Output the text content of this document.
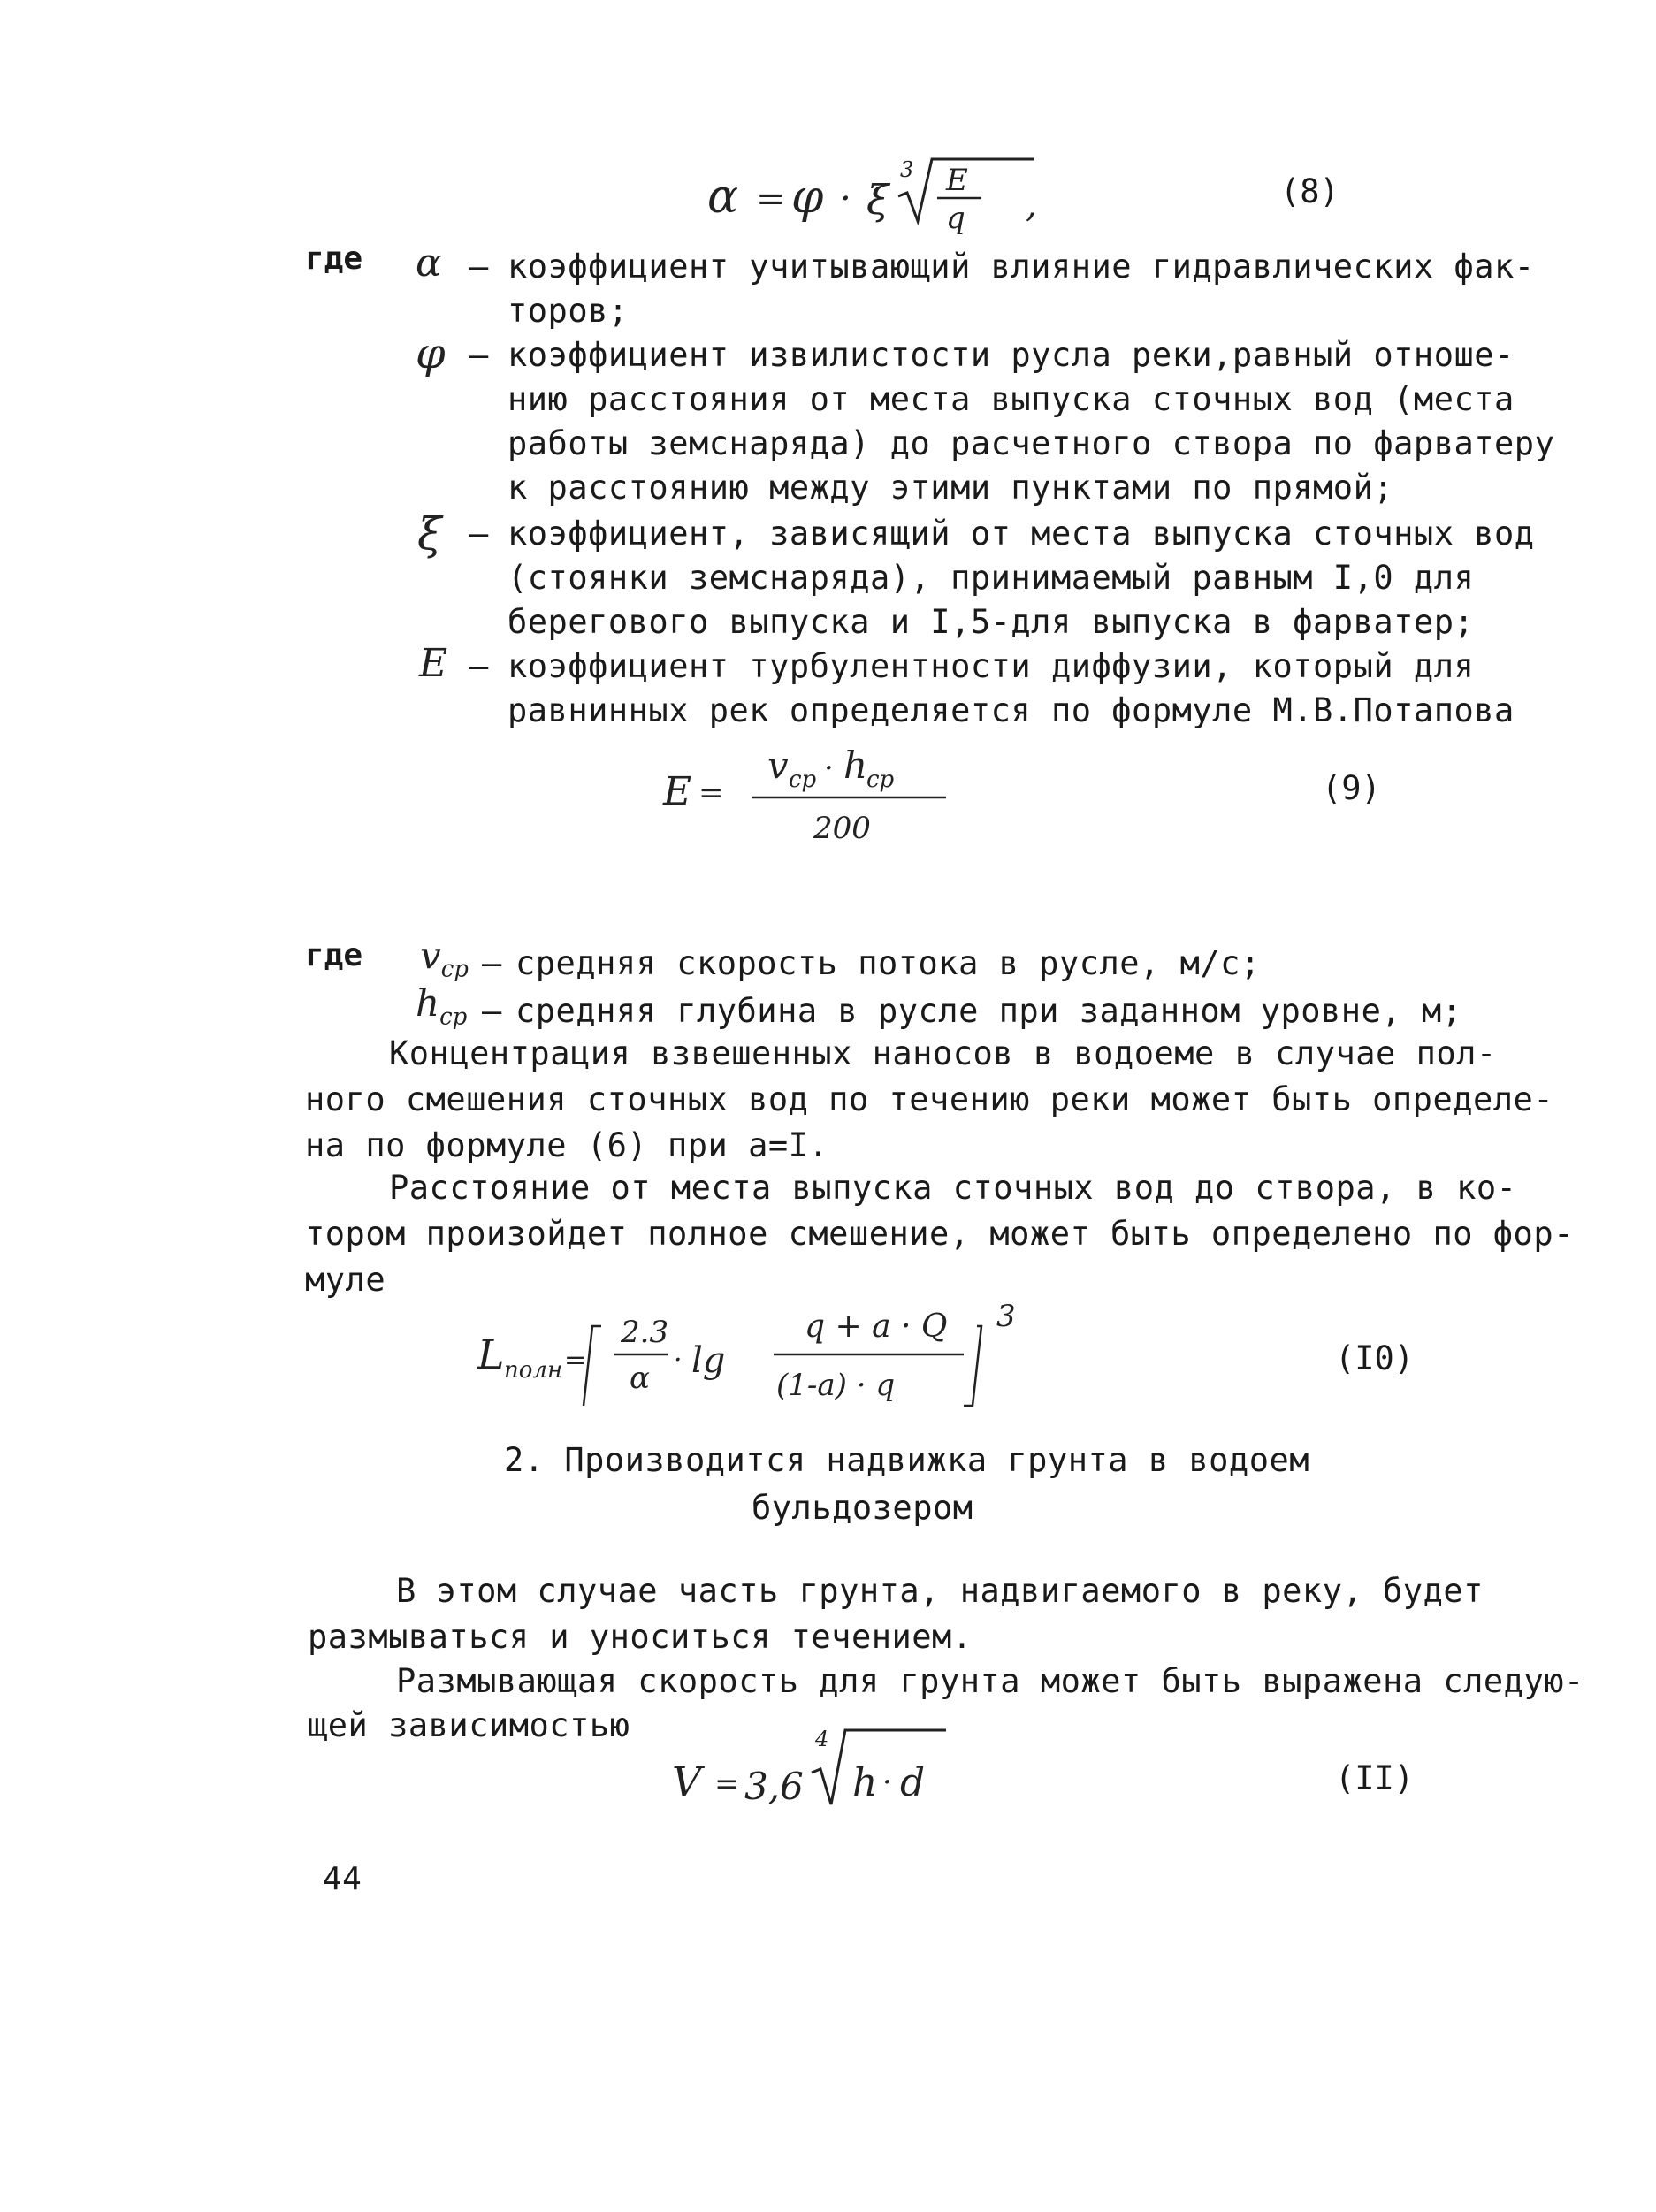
α = φ · ξ
3 E
q ,	(8)
где α – коэффициент учитывающий влияние гидравлических фак-
торов;
φ – коэффициент извилистости русла реки,равный отноше-
нию расстояния от места выпуска сточных вод (места
работы земснаряда) до расчетного створа по фарватеру
к расстоянию между этими пунктами по прямой;
ξ – коэффициент, зависящий от места выпуска сточных вод
(стоянки земснаряда), принимаемый равным I,0 для
берегового выпуска и I,5-для выпуска в фарватер;
E – коэффициент турбулентности диффузии, который для
равнинных рек определяется по формуле М.В.Потапова
E =
v cp · h
cp
200
(9)
где $v_{cp}$ – средняя скорость потока в русле, м/с;
$h_{cp}$ – средняя глубина в русле при заданном уровне, м;
Концентрация взвешенных наносов в водоеме в случае пол-
ного смешения сточных вод по течению реки может быть определе-
на по формуле (6) при а=I.
Расстояние от места выпуска сточных вод до створа, в ко-
тором произойдет полное смешение, может быть определено по фор-
муле
L полн =
2.3
α
· lg
q + a · Q
(1-a) · q
3
(I0)
2. Производится надвижка грунта в водоем
бульдозером
В этом случае часть грунта, надвигаемого в реку, будет
размываться и уноситься течением.
Размывающая скорость для грунта может быть выражена следую-
щей зависимостью
V = 3,6
4
h · d	(II)
44
